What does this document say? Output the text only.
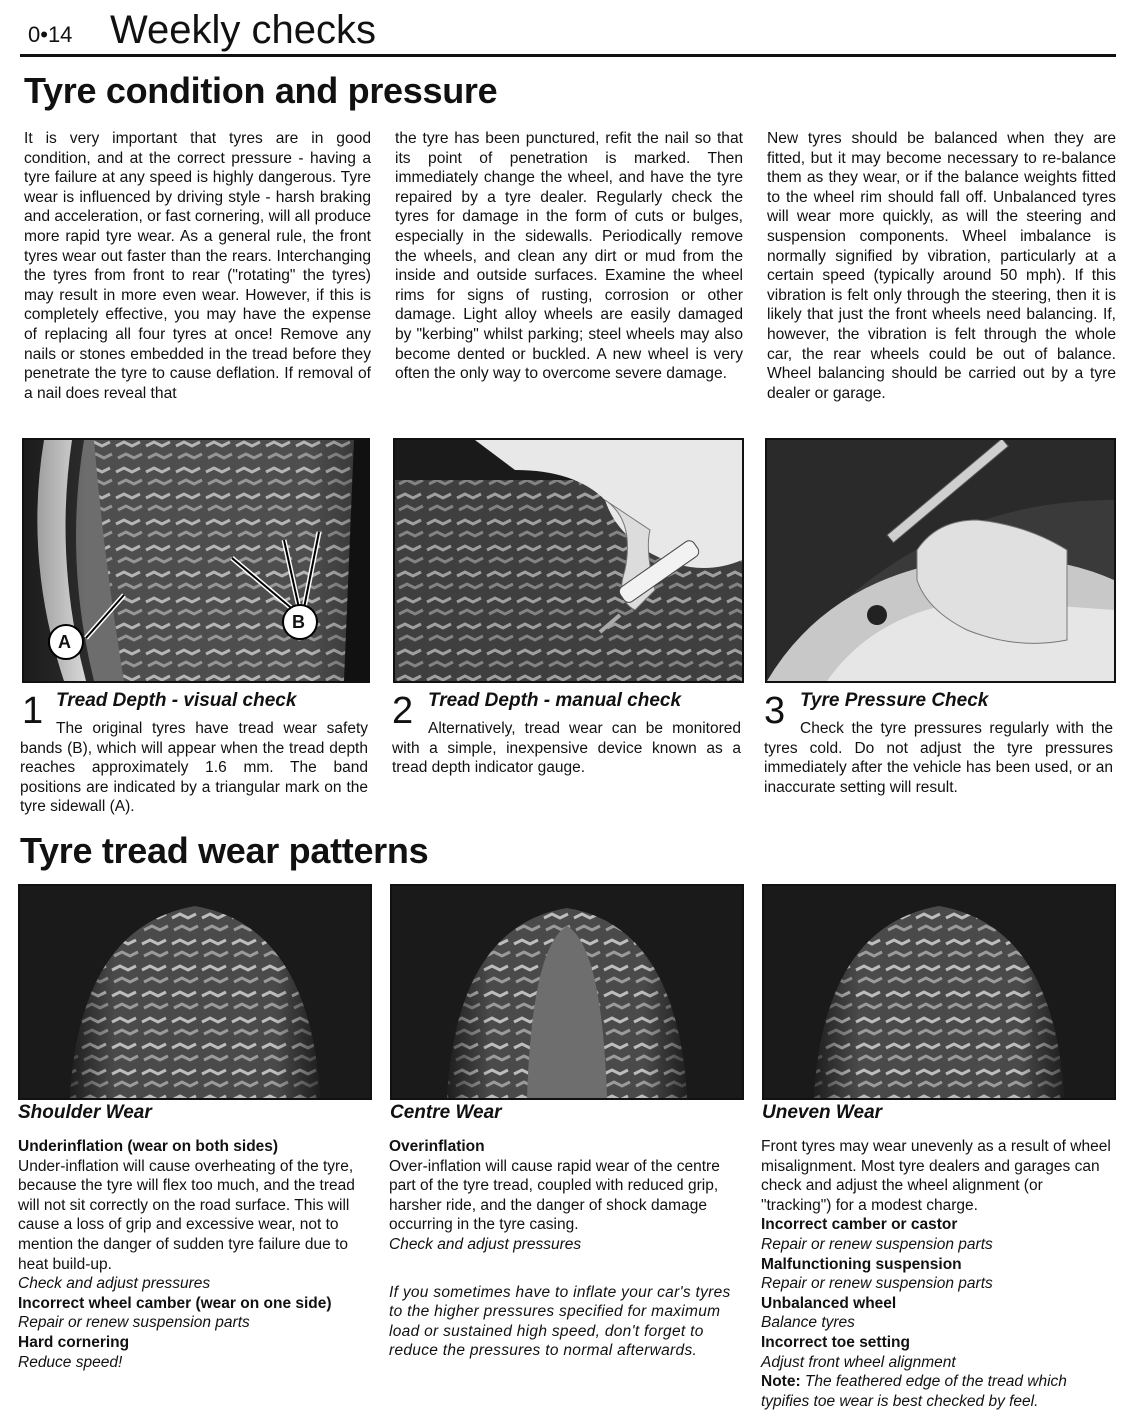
0•14 Weekly checks
Tyre condition and pressure

It is very important that tyres are in good condition, and at the correct pressure - having a tyre failure at any speed is highly dangerous. Tyre wear is influenced by driving style - harsh braking and acceleration, or fast cornering, will all produce more rapid tyre wear. As a general rule, the front tyres wear out faster than the rears. Interchanging the tyres from front to rear ("rotating" the tyres) may result in more even wear. However, if this is completely effective, you may have the expense of replacing all four tyres at once! Remove any nails or stones embedded in the tread before they penetrate the tyre to cause deflation. If removal of a nail does reveal that

the tyre has been punctured, refit the nail so that its point of penetration is marked. Then immediately change the wheel, and have the tyre repaired by a tyre dealer. Regularly check the tyres for damage in the form of cuts or bulges, especially in the sidewalls. Periodically remove the wheels, and clean any dirt or mud from the inside and outside surfaces. Examine the wheel rims for signs of rusting, corrosion or other damage. Light alloy wheels are easily damaged by "kerbing" whilst parking; steel wheels may also become dented or buckled. A new wheel is very often the only way to overcome severe damage.

New tyres should be balanced when they are fitted, but it may become necessary to re-balance them as they wear, or if the balance weights fitted to the wheel rim should fall off. Unbalanced tyres will wear more quickly, as will the steering and suspension components. Wheel imbalance is normally signified by vibration, particularly at a certain speed (typically around 50 mph). If this vibration is felt only through the steering, then it is likely that just the front wheels need balancing. If, however, the vibration is felt through the whole car, the rear wheels could be out of balance. Wheel balancing should be carried out by a tyre dealer or garage.

A
B
1 Tread Depth - visual check

The original tyres have tread wear safety bands (B), which will appear when the tread depth reaches approximately 1.6 mm. The band positions are indicated by a triangular mark on the tyre sidewall (A).

2 Tread Depth - manual check

Alternatively, tread wear can be monitored with a simple, inexpensive device known as a tread depth indicator gauge.

3 Tyre Pressure Check

Check the tyre pressures regularly with the tyres cold. Do not adjust the tyre pressures immediately after the vehicle has been used, or an inaccurate setting will result.

Tyre tread wear patterns
Shoulder Wear
Underinflation (wear on both sides)
Under-inflation will cause overheating of the tyre, because the tyre will flex too much, and the tread will not sit correctly on the road surface. This will cause a loss of grip and excessive wear, not to mention the danger of sudden tyre failure due to heat build-up.
Check and adjust pressures
Incorrect wheel camber (wear on one side)
Repair or renew suspension parts
Hard cornering
Reduce speed!
Centre Wear
Overinflation
Over-inflation will cause rapid wear of the centre part of the tyre tread, coupled with reduced grip, harsher ride, and the danger of shock damage occurring in the tyre casing.
Check and adjust pressures
If you sometimes have to inflate your car's tyres to the higher pressures specified for maximum load or sustained high speed, don't forget to reduce the pressures to normal afterwards.
Uneven Wear
Front tyres may wear unevenly as a result of wheel misalignment. Most tyre dealers and garages can check and adjust the wheel alignment (or "tracking") for a modest charge.
Incorrect camber or castor
Repair or renew suspension parts
Malfunctioning suspension
Repair or renew suspension parts
Unbalanced wheel
Balance tyres
Incorrect toe setting
Adjust front wheel alignment
Note: The feathered edge of the tread which typifies toe wear is best checked by feel.
